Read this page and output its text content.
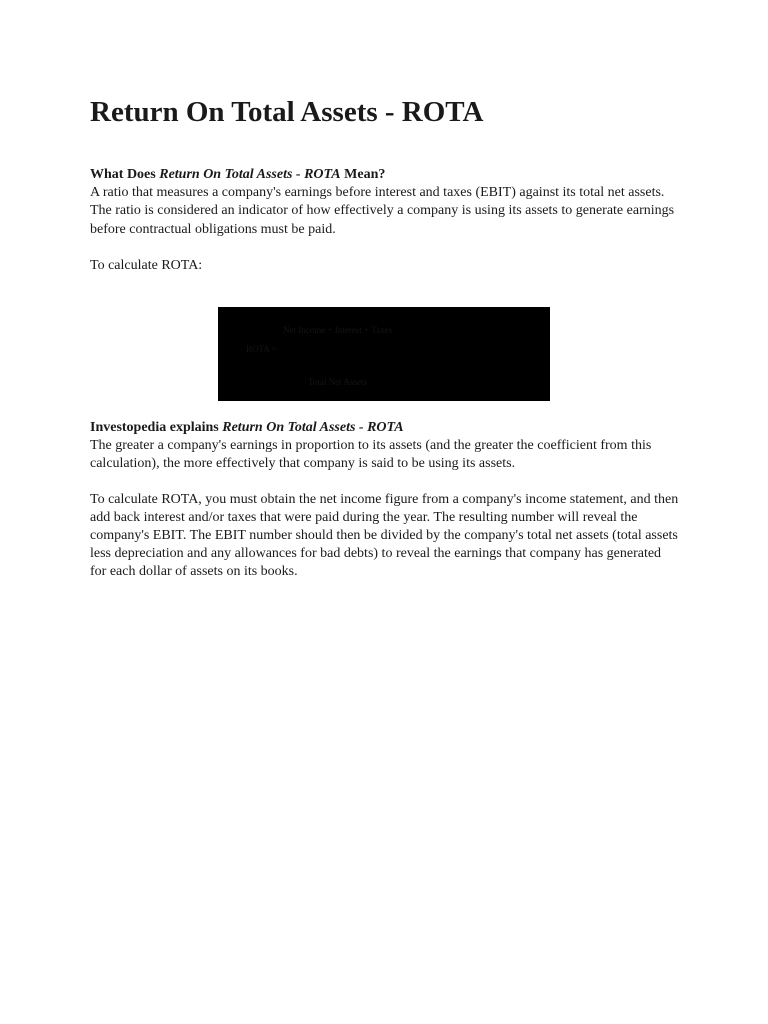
Return On Total Assets - ROTA
What Does Return On Total Assets - ROTA Mean?

A ratio that measures a company's earnings before interest and taxes (EBIT) against its total net assets. The ratio is considered an indicator of how effectively a company is using its assets to generate earnings before contractual obligations must be paid.

To calculate ROTA:

Net Income + Interest + Taxes
ROTA =
Total Net Assets
Investopedia explains Return On Total Assets - ROTA

The greater a company's earnings in proportion to its assets (and the greater the coefficient from this calculation), the more effectively that company is said to be using its assets.

To calculate ROTA, you must obtain the net income figure from a company's income statement, and then add back interest and/or taxes that were paid during the year. The resulting number will reveal the company's EBIT. The EBIT number should then be divided by the company's total net assets (total assets less depreciation and any allowances for bad debts) to reveal the earnings that company has generated for each dollar of assets on its books.
